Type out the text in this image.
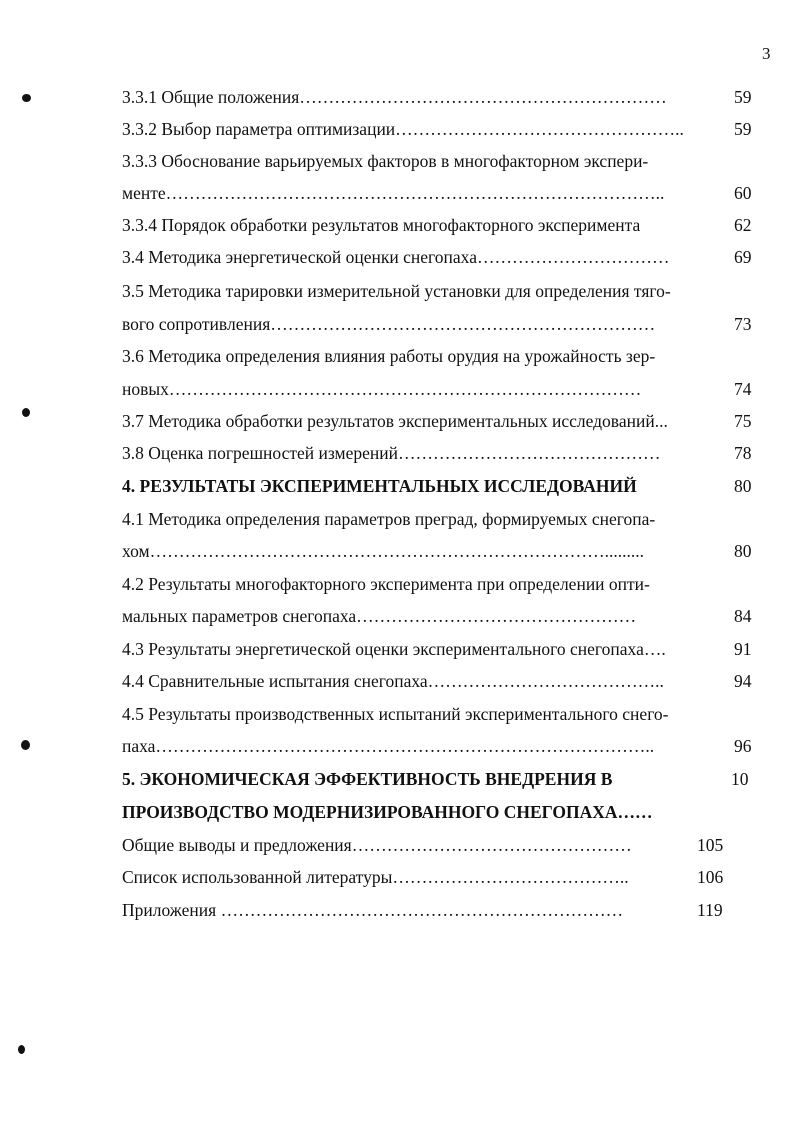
3
3.3.1 Общие положения………………………………………………………	59
3.3.2 Выбор параметра оптимизации…………………………………………..	59
3.3.3 Обоснование варьируемых факторов в многофакторном экспери-
менте…………………………………………………………………………..	60
3.3.4 Порядок обработки результатов многофакторного эксперимента	62
3.4 Методика энергетической оценки снегопаха……………………………	69
3.5 Методика тарировки измерительной установки для определения тяго-
вого сопротивления…………………………………………………………	73
3.6 Методика определения влияния работы орудия на урожайность зер-
новых………………………………………………………………………	74
3.7 Методика обработки результатов экспериментальных исследований...	75
3.8 Оценка погрешностей измерений………………………………………	78
4. РЕЗУЛЬТАТЫ ЭКСПЕРИМЕНТАЛЬНЫХ ИССЛЕДОВАНИЙ	80
4.1 Методика определения параметров преград, формируемых снегопа-
хом…………………………………………………………………….........	80
4.2 Результаты многофакторного эксперимента при определении опти-
мальных параметров снегопаха…………………………………………	84
4.3 Результаты энергетической оценки экспериментального снегопаха….	91
4.4 Сравнительные испытания снегопаха…………………………………..	94
4.5 Результаты производственных испытаний экспериментального снего-
паха…………………………………………………………………………..	96
5. ЭКОНОМИЧЕСКАЯ ЭФФЕКТИВНОСТЬ ВНЕДРЕНИЯ В	10
ПРОИЗВОДСТВО МОДЕРНИЗИРОВАННОГО СНЕГОПАХА……
Общие выводы и предложения…………………………………………	105
Список использованной литературы…………………………………..	106
Приложения ……………………………………………………………	119
